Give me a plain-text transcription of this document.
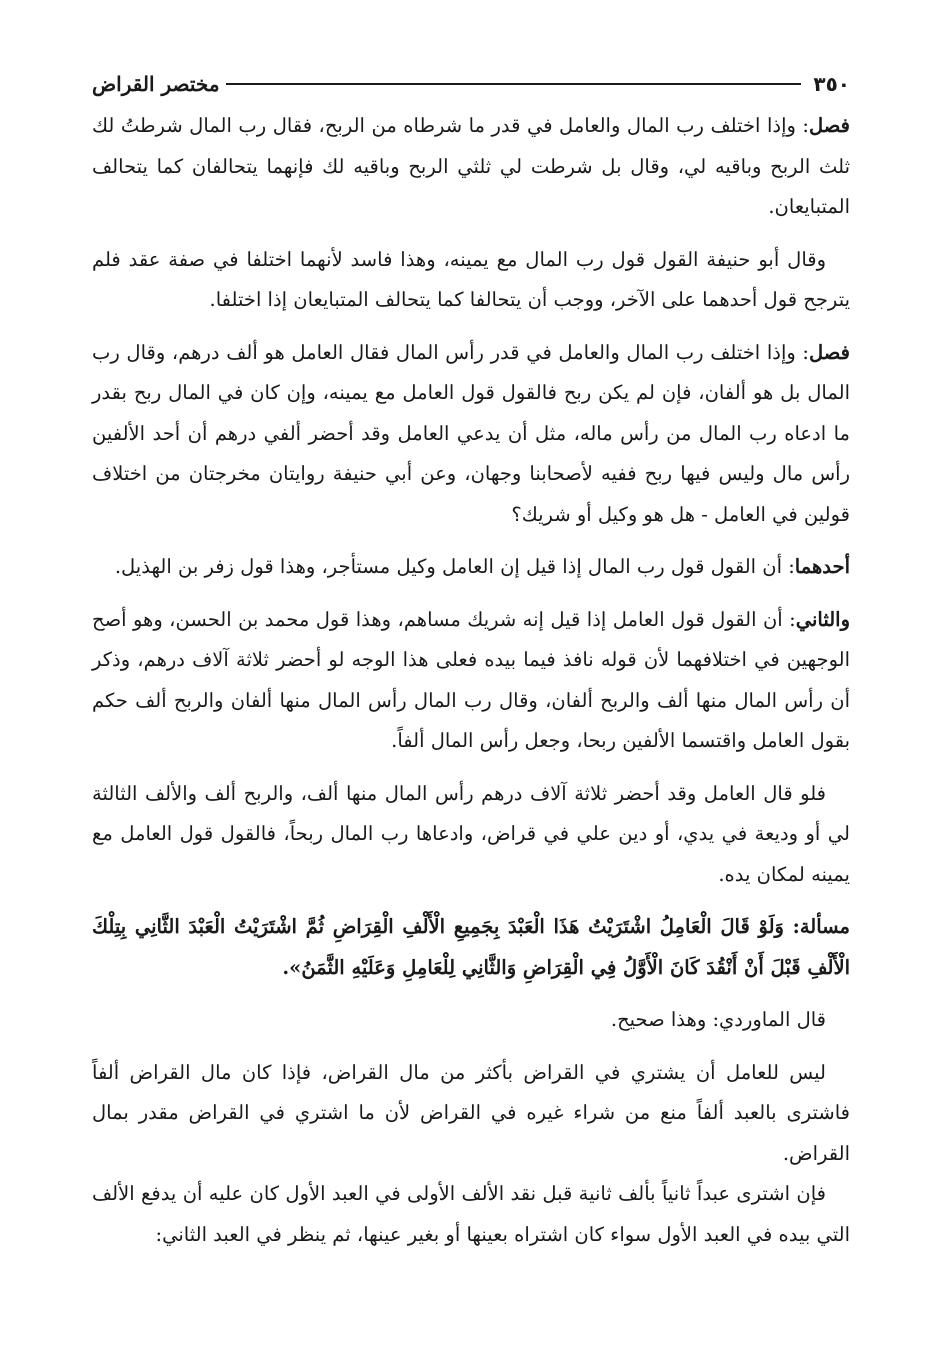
٣٥٠
مختصر القراض

فصل: وإذا اختلف رب المال والعامل في قدر ما شرطاه من الربح، فقال رب المال شرطتُ لك ثلث الربح وباقيه لي، وقال بل شرطت لي ثلثي الربح وباقيه لك فإنهما يتحالفان كما يتحالف المتبايعان.

وقال أبو حنيفة القول قول رب المال مع يمينه، وهذا فاسد لأنهما اختلفا في صفة عقد فلم يترجح قول أحدهما على الآخر، ووجب أن يتحالفا كما يتحالف المتبايعان إذا اختلفا.

فصل: وإذا اختلف رب المال والعامل في قدر رأس المال فقال العامل هو ألف درهم، وقال رب المال بل هو ألفان، فإن لم يكن ربح فالقول قول العامل مع يمينه، وإن كان في المال ربح بقدر ما ادعاه رب المال من رأس ماله، مثل أن يدعي العامل وقد أحضر ألفي درهم أن أحد الألفين رأس مال وليس فيها ربح ففيه لأصحابنا وجهان، وعن أبي حنيفة روايتان مخرجتان من اختلاف قولين في العامل - هل هو وكيل أو شريك؟

أحدهما: أن القول قول رب المال إذا قيل إن العامل وكيل مستأجر، وهذا قول زفر بن الهذيل.

والثاني: أن القول قول العامل إذا قيل إنه شريك مساهم، وهذا قول محمد بن الحسن، وهو أصح الوجهين في اختلافهما لأن قوله نافذ فيما بيده فعلى هذا الوجه لو أحضر ثلاثة آلاف درهم، وذكر أن رأس المال منها ألف والربح ألفان، وقال رب المال رأس المال منها ألفان والربح ألف حكم بقول العامل واقتسما الألفين ربحا، وجعل رأس المال ألفاً.

فلو قال العامل وقد أحضر ثلاثة آلاف درهم رأس المال منها ألف، والربح ألف والألف الثالثة لي أو وديعة في يدي، أو دين علي في قراض، وادعاها رب المال ربحاً، فالقول قول العامل مع يمينه لمكان يده.

مسألة: وَلَوْ قَالَ الْعَامِلُ اشْتَرَيْتُ هَذَا الْعَبْدَ بِجَمِيعِ الْأَلْفِ الْقِرَاضِ ثُمَّ اشْتَرَيْتُ الْعَبْدَ الثَّانِي بِتِلْكَ الْأَلْفِ قَبْلَ أَنْ أَنْقُدَ كَانَ الْأَوَّلُ فِي الْقِرَاضِ وَالثَّانِي لِلْعَامِلِ وَعَلَيْهِ الثَّمَنُ».

قال الماوردي: وهذا صحيح.

ليس للعامل أن يشتري في القراض بأكثر من مال القراض، فإذا كان مال القراض ألفاً فاشترى بالعبد ألفاً منع من شراء غيره في القراض لأن ما اشتري في القراض مقدر بمال القراض.

فإن اشترى عبداً ثانياً بألف ثانية قبل نقد الألف الأولى في العبد الأول كان عليه أن يدفع الألف التي بيده في العبد الأول سواء كان اشتراه بعينها أو بغير عينها، ثم ينظر في العبد الثاني:
